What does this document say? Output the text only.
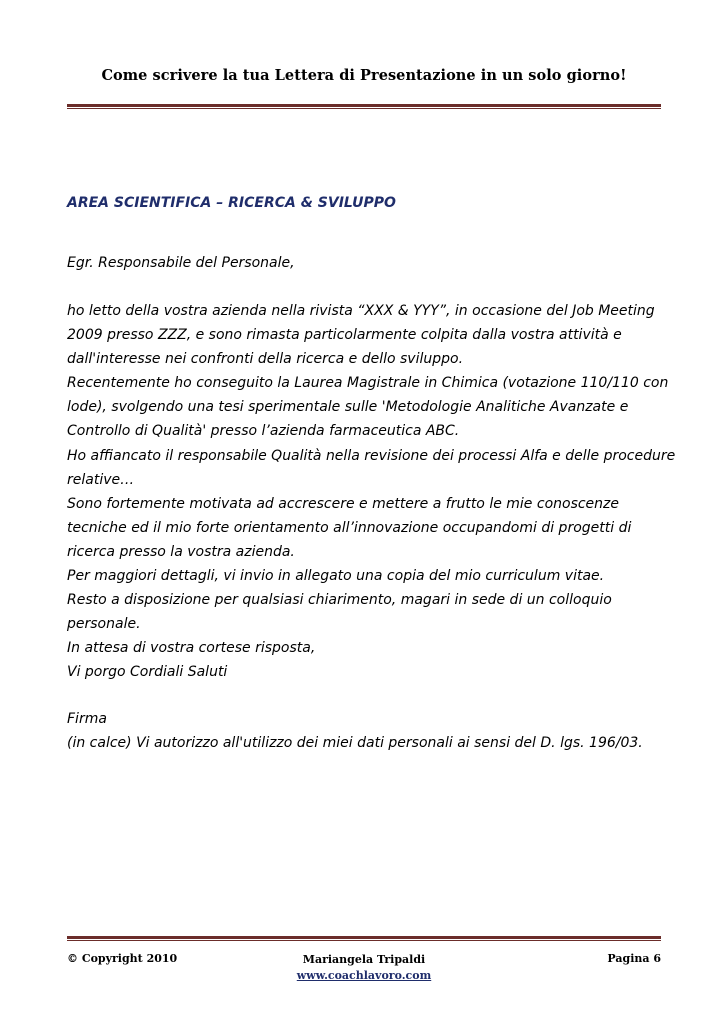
Come scrivere la tua Lettera di Presentazione in un solo giorno!
AREA SCIENTIFICA – RICERCA & SVILUPPO
Egr. Responsabile del Personale,
ho letto della vostra azienda nella rivista “XXX & YYY”, in occasione del Job Meeting
2009 presso ZZZ, e sono rimasta particolarmente colpita dalla vostra attività e
dall'interesse nei confronti della ricerca e dello sviluppo.
Recentemente ho conseguito la Laurea Magistrale in Chimica (votazione 110/110 con
lode), svolgendo una tesi sperimentale sulle 'Metodologie Analitiche Avanzate e
Controllo di Qualità' presso l’azienda farmaceutica ABC.
Ho affiancato il responsabile Qualità nella revisione dei processi Alfa e delle procedure
relative…
Sono fortemente motivata ad accrescere e mettere a frutto le mie conoscenze
tecniche ed il mio forte orientamento all’innovazione occupandomi di progetti di
ricerca presso la vostra azienda.
Per maggiori dettagli, vi invio in allegato una copia del mio curriculum vitae.
Resto a disposizione per qualsiasi chiarimento, magari in sede di un colloquio
personale.
In attesa di vostra cortese risposta,
Vi porgo Cordiali Saluti
Firma
(in calce) Vi autorizzo all'utilizzo dei miei dati personali ai sensi del D. lgs. 196/03.
© Copyright 2010	Mariangela Tripaldi
www.coachlavoro.com
Pagina 6
